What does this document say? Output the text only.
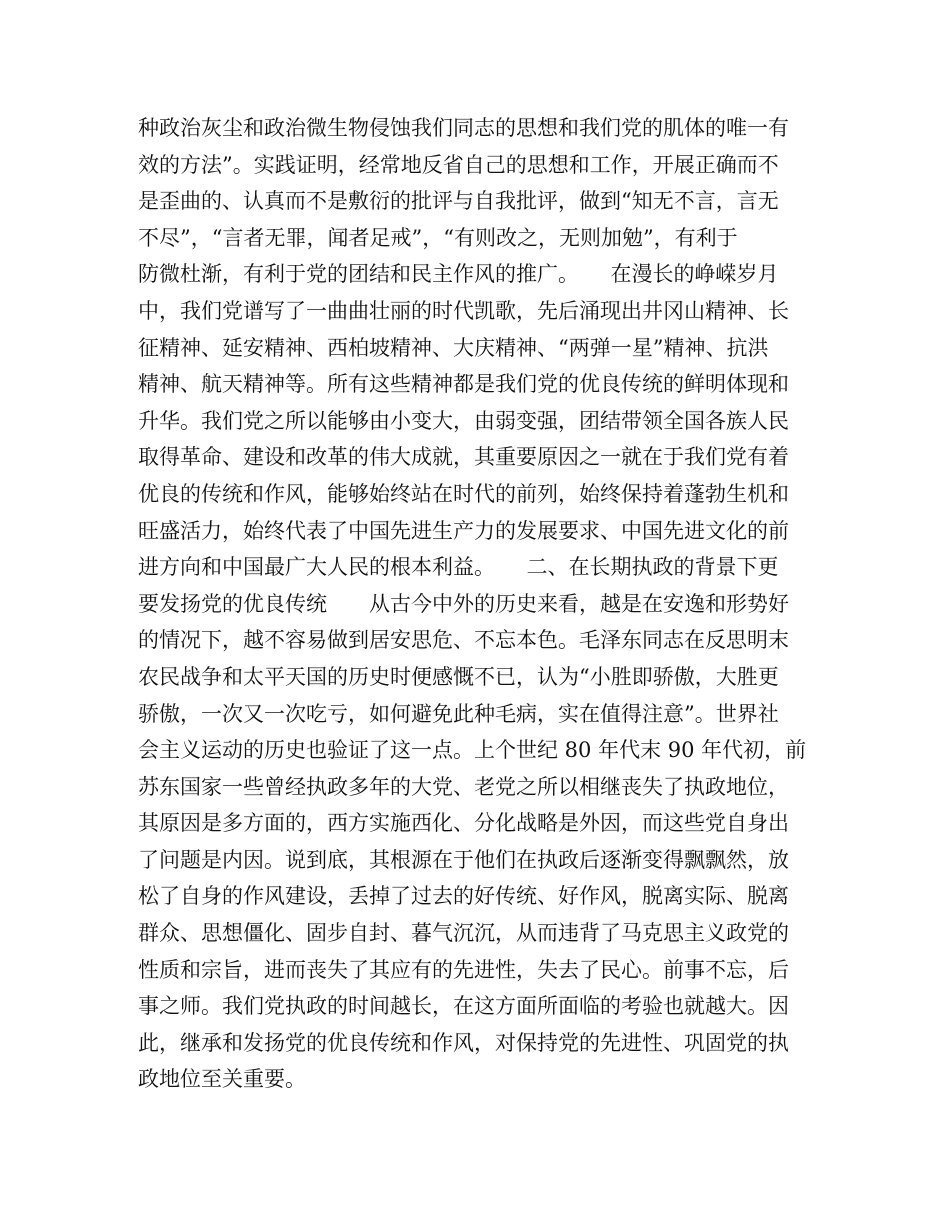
种政治灰尘和政治微生物侵蚀我们同志的思想和我们党的肌体的唯一有
效的方法”。实践证明，经常地反省自己的思想和工作，开展正确而不
是歪曲的、认真而不是敷衍的批评与自我批评，做到“知无不言，言无
不尽”，“言者无罪，闻者足戒”，“有则改之，无则加勉”，有利于
防微杜渐，有利于党的团结和民主作风的推广。　　在漫长的峥嵘岁月
中，我们党谱写了一曲曲壮丽的时代凯歌，先后涌现出井冈山精神、长
征精神、延安精神、西柏坡精神、大庆精神、“两弹一星”精神、抗洪
精神、航天精神等。所有这些精神都是我们党的优良传统的鲜明体现和
升华。我们党之所以能够由小变大，由弱变强，团结带领全国各族人民
取得革命、建设和改革的伟大成就，其重要原因之一就在于我们党有着
优良的传统和作风，能够始终站在时代的前列，始终保持着蓬勃生机和
旺盛活力，始终代表了中国先进生产力的发展要求、中国先进文化的前
进方向和中国最广大人民的根本利益。　　二、在长期执政的背景下更
要发扬党的优良传统　　从古今中外的历史来看，越是在安逸和形势好
的情况下，越不容易做到居安思危、不忘本色。毛泽东同志在反思明末
农民战争和太平天国的历史时便感慨不已，认为“小胜即骄傲，大胜更
骄傲，一次又一次吃亏，如何避免此种毛病，实在值得注意”。世界社
会主义运动的历史也验证了这一点。上个世纪 80 年代末 90 年代初，前
苏东国家一些曾经执政多年的大党、老党之所以相继丧失了执政地位，
其原因是多方面的，西方实施西化、分化战略是外因，而这些党自身出
了问题是内因。说到底，其根源在于他们在执政后逐渐变得飘飘然，放
松了自身的作风建设，丢掉了过去的好传统、好作风，脱离实际、脱离
群众、思想僵化、固步自封、暮气沉沉，从而违背了马克思主义政党的
性质和宗旨，进而丧失了其应有的先进性，失去了民心。前事不忘，后
事之师。我们党执政的时间越长，在这方面所面临的考验也就越大。因
此，继承和发扬党的优良传统和作风，对保持党的先进性、巩固党的执
政地位至关重要。
